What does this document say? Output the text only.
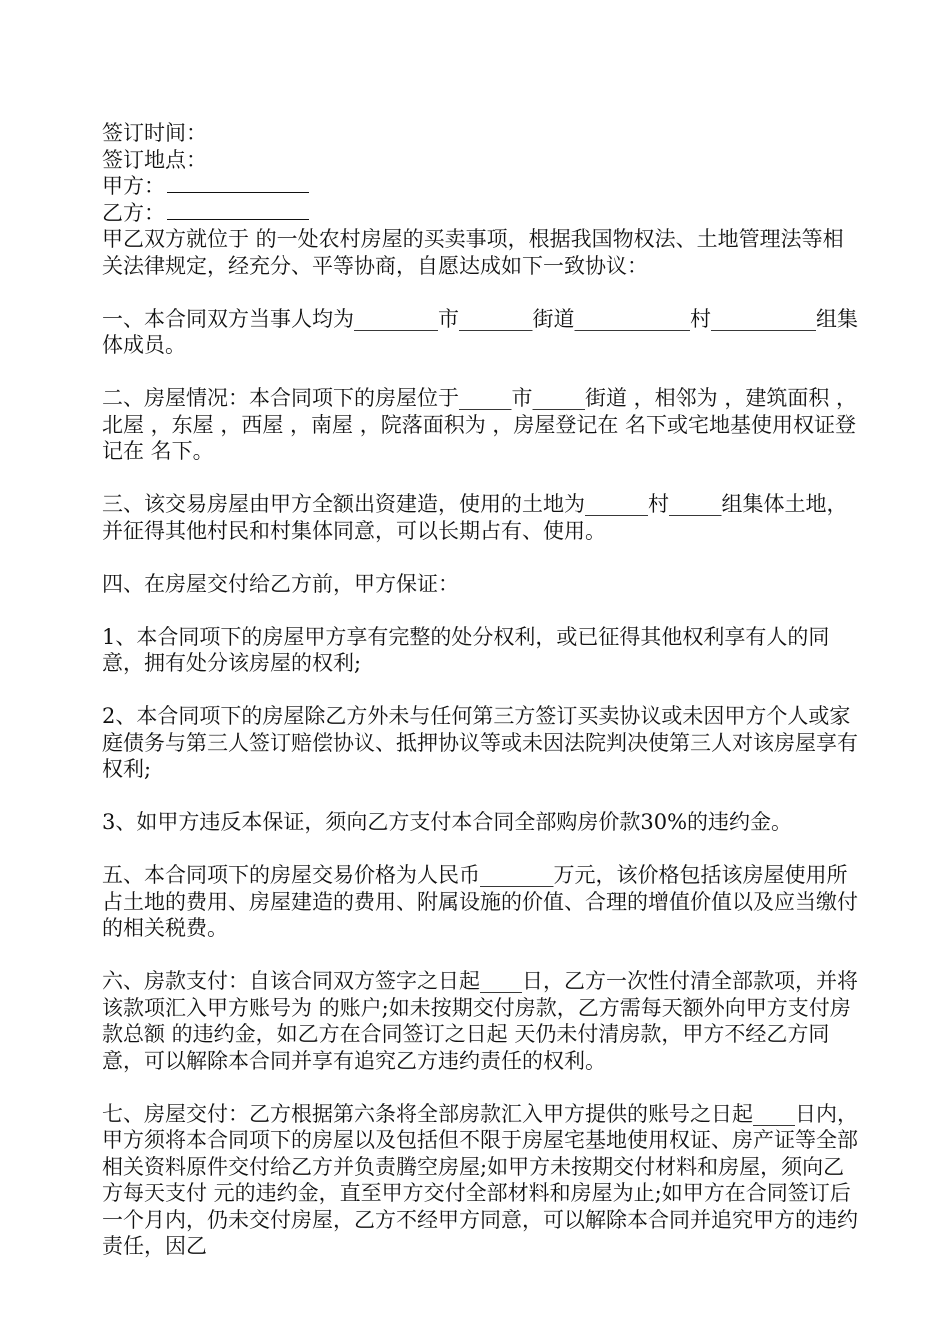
签订时间：
签订地点：
甲方：
乙方：

甲乙双方就位于 的一处农村房屋的买卖事项，根据我国物权法、土地管理法等相关法律规定，经充分、平等协商，自愿达成如下一致协议：

一、本合同双方当事人均为________市_______街道___________村__________组集体成员。

二、房屋情况：本合同项下的房屋位于_____市_____街道 ，相邻为 ，建筑面积 ，北屋 ，东屋 ，西屋 ，南屋 ，院落面积为 ，房屋登记在 名下或宅地基使用权证登记在 名下。

三、该交易房屋由甲方全额出资建造，使用的土地为______村_____组集体土地，并征得其他村民和村集体同意，可以长期占有、使用。

四、在房屋交付给乙方前，甲方保证：

1、本合同项下的房屋甲方享有完整的处分权利，或已征得其他权利享有人的同意，拥有处分该房屋的权利;

2、本合同项下的房屋除乙方外未与任何第三方签订买卖协议或未因甲方个人或家庭债务与第三人签订赔偿协议、抵押协议等或未因法院判决使第三人对该房屋享有权利;

3、如甲方违反本保证，须向乙方支付本合同全部购房价款30%的违约金。

五、本合同项下的房屋交易价格为人民币_______万元，该价格包括该房屋使用所占土地的费用、房屋建造的费用、附属设施的价值、合理的增值价值以及应当缴付的相关税费。

六、房款支付：自该合同双方签字之日起____日，乙方一次性付清全部款项，并将该款项汇入甲方账号为 的账户;如未按期交付房款，乙方需每天额外向甲方支付房款总额 的违约金，如乙方在合同签订之日起 天仍未付清房款，甲方不经乙方同意，可以解除本合同并享有追究乙方违约责任的权利。

七、房屋交付：乙方根据第六条将全部房款汇入甲方提供的账号之日起____日内，甲方须将本合同项下的房屋以及包括但不限于房屋宅基地使用权证、房产证等全部相关资料原件交付给乙方并负责腾空房屋;如甲方未按期交付材料和房屋，须向乙方每天支付 元的违约金，直至甲方交付全部材料和房屋为止;如甲方在合同签订后一个月内，仍未交付房屋，乙方不经甲方同意，可以解除本合同并追究甲方的违约责任，因乙
